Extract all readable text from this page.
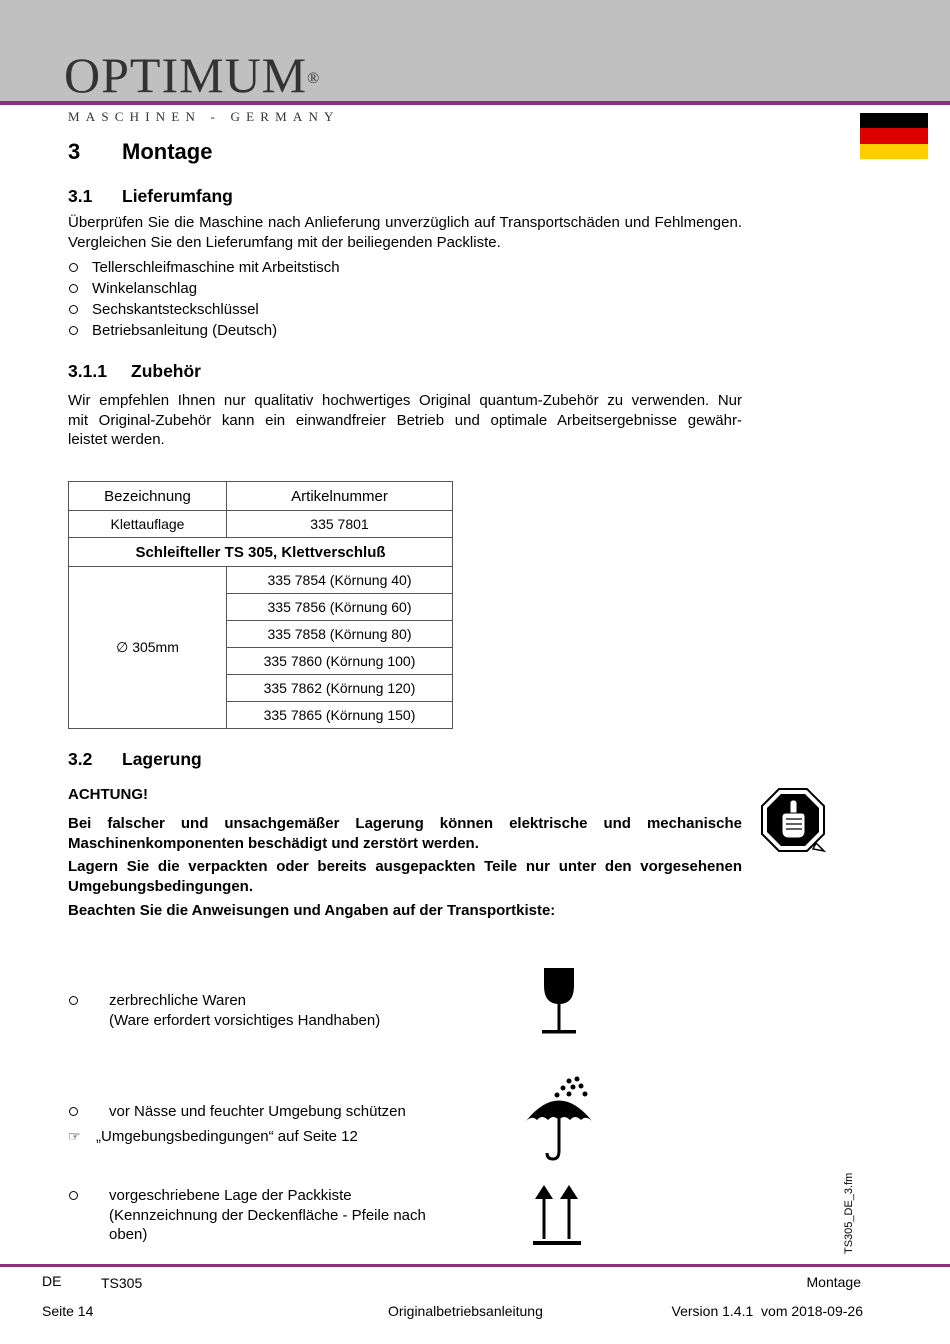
OPTIMUM®
MASCHINEN - GERMANY
3 Montage
3.1 Lieferumfang
Überprüfen Sie die Maschine nach Anlieferung unverzüglich auf Transportschäden und Fehlmengen. Vergleichen Sie den Lieferumfang mit der beiliegenden Packliste.
Tellerschleifmaschine mit Arbeitstisch
Winkelanschlag
Sechskantsteckschlüssel
Betriebsanleitung (Deutsch)
3.1.1 Zubehör
Wir empfehlen Ihnen nur qualitativ hochwertiges Original quantum-Zubehör zu verwenden. Nur
mit Original-Zubehör kann ein einwandfreier Betrieb und optimale Arbeitsergebnisse gewähr-
leistet werden.
Bezeichnung	Artikelnummer
Klettauflage	335 7801
Schleifteller TS 305, Klettverschluß	
∅ 305mm	335 7854 (Körnung 40)
	335 7856 (Körnung 60)
	335 7858 (Körnung 80)
	335 7860 (Körnung 100)
	335 7862 (Körnung 120)
	335 7865 (Körnung 150)
3.2 Lagerung
ACHTUNG!
Bei falscher und unsachgemäßer Lagerung können elektrische und mechanische Maschinenkomponenten beschädigt und zerstört werden.
Lagern Sie die verpackten oder bereits ausgepackten Teile nur unter den vorgesehenen Umgebungsbedingungen.
Beachten Sie die Anweisungen und Angaben auf der Transportkiste:
zerbrechliche Waren
(Ware erfordert vorsichtiges Handhaben)
vor Nässe und feuchter Umgebung schützen
☞ „Umgebungsbedingungen“ auf Seite 12
vorgeschriebene Lage der Packkiste
(Kennzeichnung der Deckenfläche - Pfeile nach
oben)	TS305_DE_3.fm
DE	TS305	Montage
Seite 14	Originalbetriebsanleitung	Version 1.4.1  vom 2018-09-26
